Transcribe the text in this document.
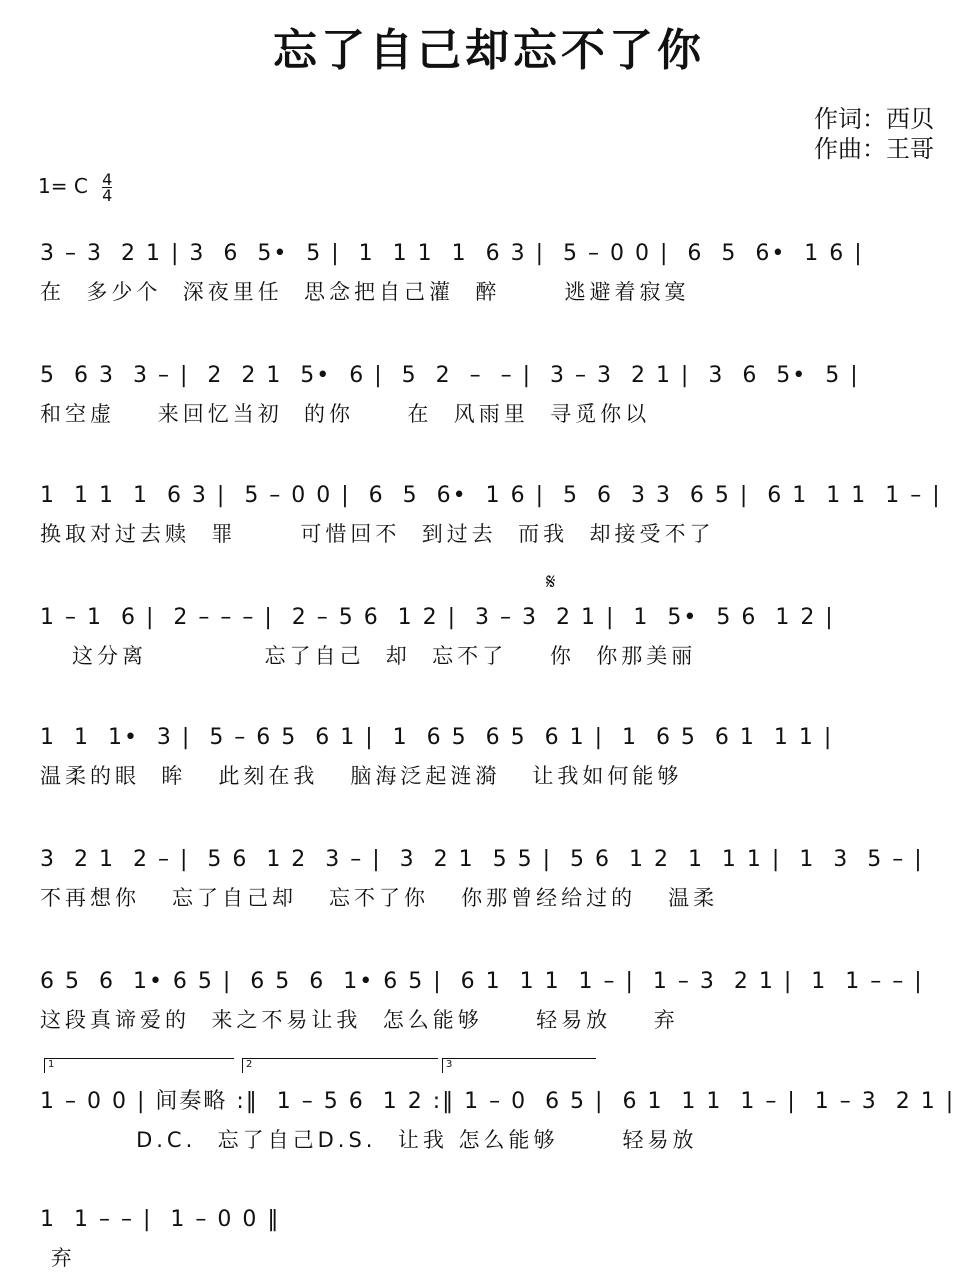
忘了自己却忘不了你
作词：西贝
作曲：王哥
1= C $\frac{4}{4}$
3 – 3  2 1 | 3  6  5•  5 |  1  1 1  1  6 3 |  5 – 0 0 |  6  5  6•  1 6 |
在  多少个  深夜里任  思念把自己灌  醉      逃避着寂寞
5  6 3  3 – |  2  2 1  5•  6 |  5  2  –  – |  3 – 3  2 1 |  3  6  5•  5 |
和空虚    来回忆当初  的你     在  风雨里  寻觅你以
1  1 1  1  6 3 |  5 – 0 0 |  6  5  6•  1 6 |  5  6  3 3  6 5 |  6 1  1 1  1 – |
换取对过去赎  罪      可惜回不  到过去  而我  却接受不了
𝄋
1 – 1  6 |  2 – – – |  2 – 5 6  1 2 |  3 – 3  2 1 |  1  5•  5 6  1 2 |
这分离           忘了自己  却  忘不了    你  你那美丽
1  1  1•  3 |  5 – 6 5  6 1 |  1  6 5  6 5  6 1 |  1  6 5  6 1  1 1 |
温柔的眼  眸   此刻在我   脑海泛起涟漪   让我如何能够
3  2 1  2 – |  5 6  1 2  3 – |  3  2 1  5 5 |  5 6  1 2  1  1 1 |  1  3  5 – |
不再想你   忘了自己却   忘不了你   你那曾经给过的   温柔
6 5  6  1• 6 5 |  6 5  6  1• 6 5 |  6 1  1 1  1 – |  1 – 3  2 1 |  1  1 – – |
这段真谛爱的  来之不易让我  怎么能够     轻易放    弃
1	2	3
1 – 0 0 | 间奏略 :‖  1 – 5 6  1 2 :‖ 1 – 0  6 5 |  6 1  1 1  1 – |  1 – 3  2 1 |
D.C.  忘了自己D.S.  让我 怎么能够      轻易放
1  1 – – |  1 – 0 0 ‖
弃
